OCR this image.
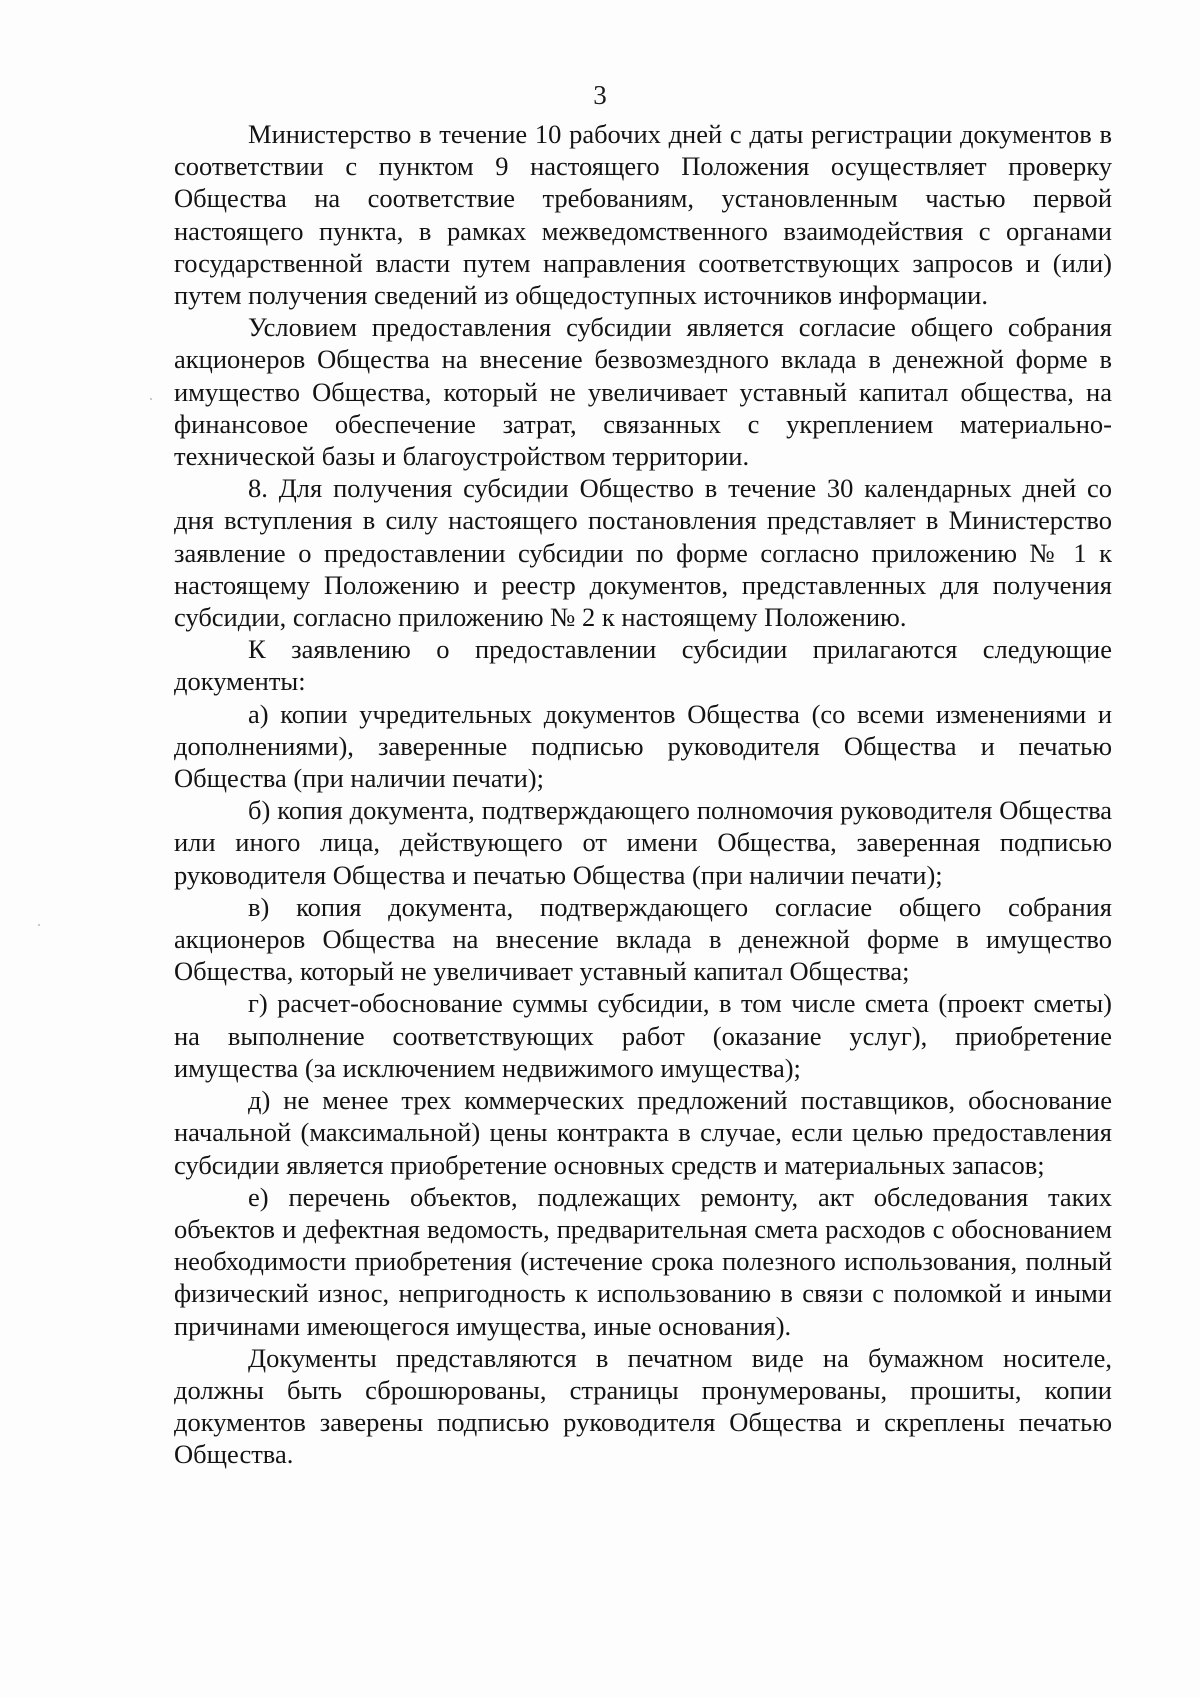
3

Министерство в течение 10 рабочих дней с даты регистрации документов в соответствии с пунктом 9 настоящего Положения осуществляет проверку Общества на соответствие требованиям, установленным частью первой настоящего пункта, в рамках межведомственного взаимодействия с органами государственной власти путем направления соответствующих запросов и (или) путем получения сведений из общедоступных источников информации.

Условием предоставления субсидии является согласие общего собрания акционеров Общества на внесение безвозмездного вклада в денежной форме в имущество Общества, который не увеличивает уставный капитал общества, на финансовое обеспечение затрат, связанных с укреплением материально-технической базы и благоустройством территории.

8. Для получения субсидии Общество в течение 30 календарных дней со дня вступления в силу настоящего постановления представляет в Министерство заявление о предоставлении субсидии по форме согласно приложению № 1 к настоящему Положению и реестр документов, представленных для получения субсидии, согласно приложению № 2 к настоящему Положению.

К заявлению о предоставлении субсидии прилагаются следующие документы:

а) копии учредительных документов Общества (со всеми изменениями и дополнениями), заверенные подписью руководителя Общества и печатью Общества (при наличии печати);

б) копия документа, подтверждающего полномочия руководителя Общества или иного лица, действующего от имени Общества, заверенная подписью руководителя Общества и печатью Общества (при наличии печати);

в) копия документа, подтверждающего согласие общего собрания акционеров Общества на внесение вклада в денежной форме в имущество Общества, который не увеличивает уставный капитал Общества;

г) расчет-обоснование суммы субсидии, в том числе смета (проект сметы) на выполнение соответствующих работ (оказание услуг), приобретение имущества (за исключением недвижимого имущества);

д) не менее трех коммерческих предложений поставщиков, обоснование начальной (максимальной) цены контракта в случае, если целью предоставления субсидии является приобретение основных средств и материальных запасов;

е) перечень объектов, подлежащих ремонту, акт обследования таких объектов и дефектная ведомость, предварительная смета расходов с обоснованием необходимости приобретения (истечение срока полезного использования, полный физический износ, непригодность к использованию в связи с поломкой и иными причинами имеющегося имущества, иные основания).

Документы представляются в печатном виде на бумажном носителе, должны быть сброшюрованы, страницы пронумерованы, прошиты, копии документов заверены подписью руководителя Общества и скреплены печатью Общества.
